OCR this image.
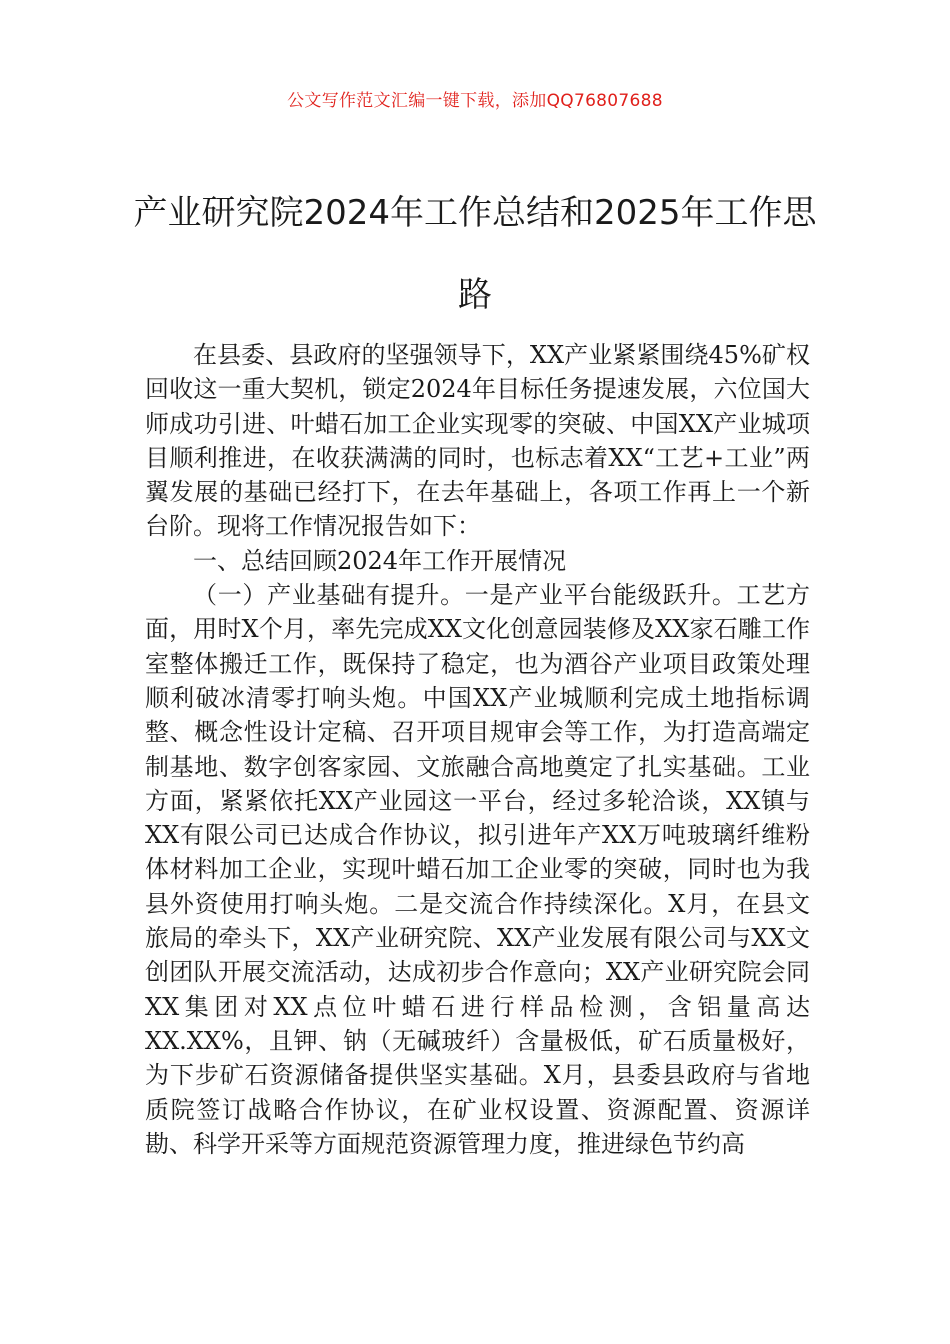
公文写作范文汇编一键下载，添加QQ76807688
产业研究院2024年工作总结和2025年工作思路

在县委、县政府的坚强领导下，XX产业紧紧围绕45%矿权回收这一重大契机，锁定2024年目标任务提速发展，六位国大师成功引进、叶蜡石加工企业实现零的突破、中国XX产业城项目顺利推进，在收获满满的同时，也标志着XX“工艺+工业”两翼发展的基础已经打下，在去年基础上，各项工作再上一个新台阶。现将工作情况报告如下：

一、总结回顾2024年工作开展情况

（一）产业基础有提升。一是产业平台能级跃升。工艺方面，用时X个月，率先完成XX文化创意园装修及XX家石雕工作室整体搬迁工作，既保持了稳定，也为酒谷产业项目政策处理顺利破冰清零打响头炮。中国XX产业城顺利完成土地指标调整、概念性设计定稿、召开项目规审会等工作，为打造高端定制基地、数字创客家园、文旅融合高地奠定了扎实基础。工业方面，紧紧依托XX产业园这一平台，经过多轮洽谈，XX镇与XX有限公司已达成合作协议，拟引进年产XX万吨玻璃纤维粉体材料加工企业，实现叶蜡石加工企业零的突破，同时也为我县外资使用打响头炮。二是交流合作持续深化。X月，在县文旅局的牵头下，XX产业研究院、XX产业发展有限公司与XX文创团队开展交流活动，达成初步合作意向；XX产业研究院会同XX集团对XX点位叶蜡石进行样品检测，含铝量高达XX.XX%，且钾、钠（无碱玻纤）含量极低，矿石质量极好，为下步矿石资源储备提供坚实基础。X月，县委县政府与省地质院签订战略合作协议，在矿业权设置、资源配置、资源详勘、科学开采等方面规范资源管理力度，推进绿色节约高
